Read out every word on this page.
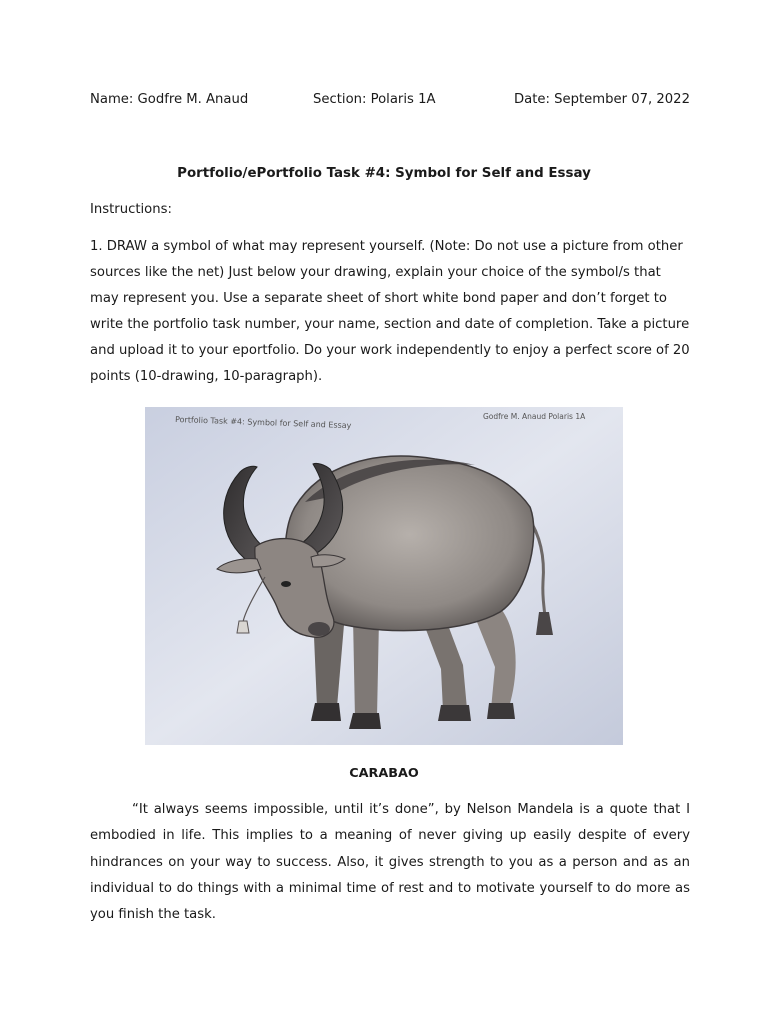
Name: Godfre M. Anaud	Section: Polaris 1A	Date: September 07, 2022
Portfolio/ePortfolio Task #4: Symbol for Self and Essay
Instructions:
1. DRAW a symbol of what may represent yourself. (Note: Do not use a picture from other sources like the net) Just below your drawing, explain your choice of the symbol/s that may represent you. Use a separate sheet of short white bond paper and don’t forget to write the portfolio task number, your name, section and date of completion. Take a picture and upload it to your eportfolio. Do your work independently to enjoy a perfect score of 20 points (10-drawing, 10-paragraph).
Portfolio Task #4: Symbol for Self and Essay	Godfre M. Anaud Polaris 1A
CARABAO
“It always seems impossible, until it’s done”, by Nelson Mandela is a quote that I embodied in life. This implies to a meaning of never giving up easily despite of every hindrances on your way to success. Also, it gives strength to you as a person and as an individual to do things with a minimal time of rest and to motivate yourself to do more as you finish the task.
